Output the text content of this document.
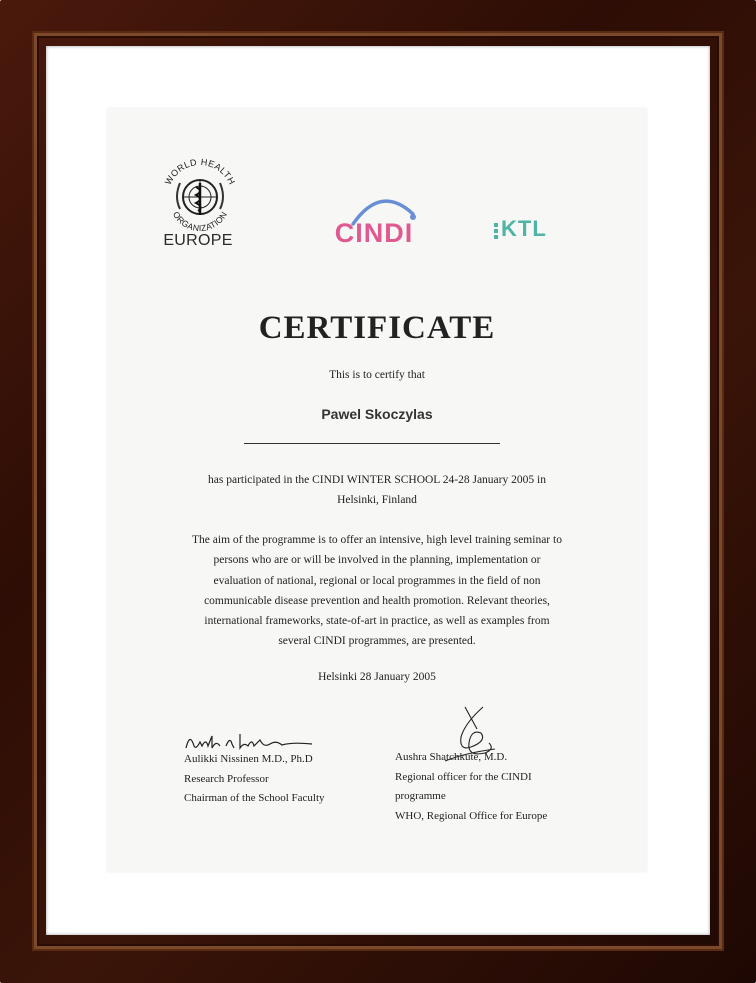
WORLD HEALTH
ORGANIZATION
EUROPE	CINDI	KTL
CERTIFICATE
This is to certify that
Pawel Skoczylas
has participated in the CINDI WINTER SCHOOL 24-28 January 2005 in
Helsinki, Finland
The aim of the programme is to offer an intensive, high level training seminar to
persons who are or will be involved in the planning, implementation or
evaluation of national, regional or local programmes in the field of non
communicable disease prevention and health promotion. Relevant theories,
international frameworks, state-of-art in practice, as well as examples from
several CINDI programmes, are presented.
Helsinki 28 January 2005
Aulikki Nissinen M.D., Ph.D
Research Professor
Chairman of the School Faculty
Aushra Shatchkute, M.D.
Regional officer for the CINDI
programme
WHO, Regional Office for Europe
